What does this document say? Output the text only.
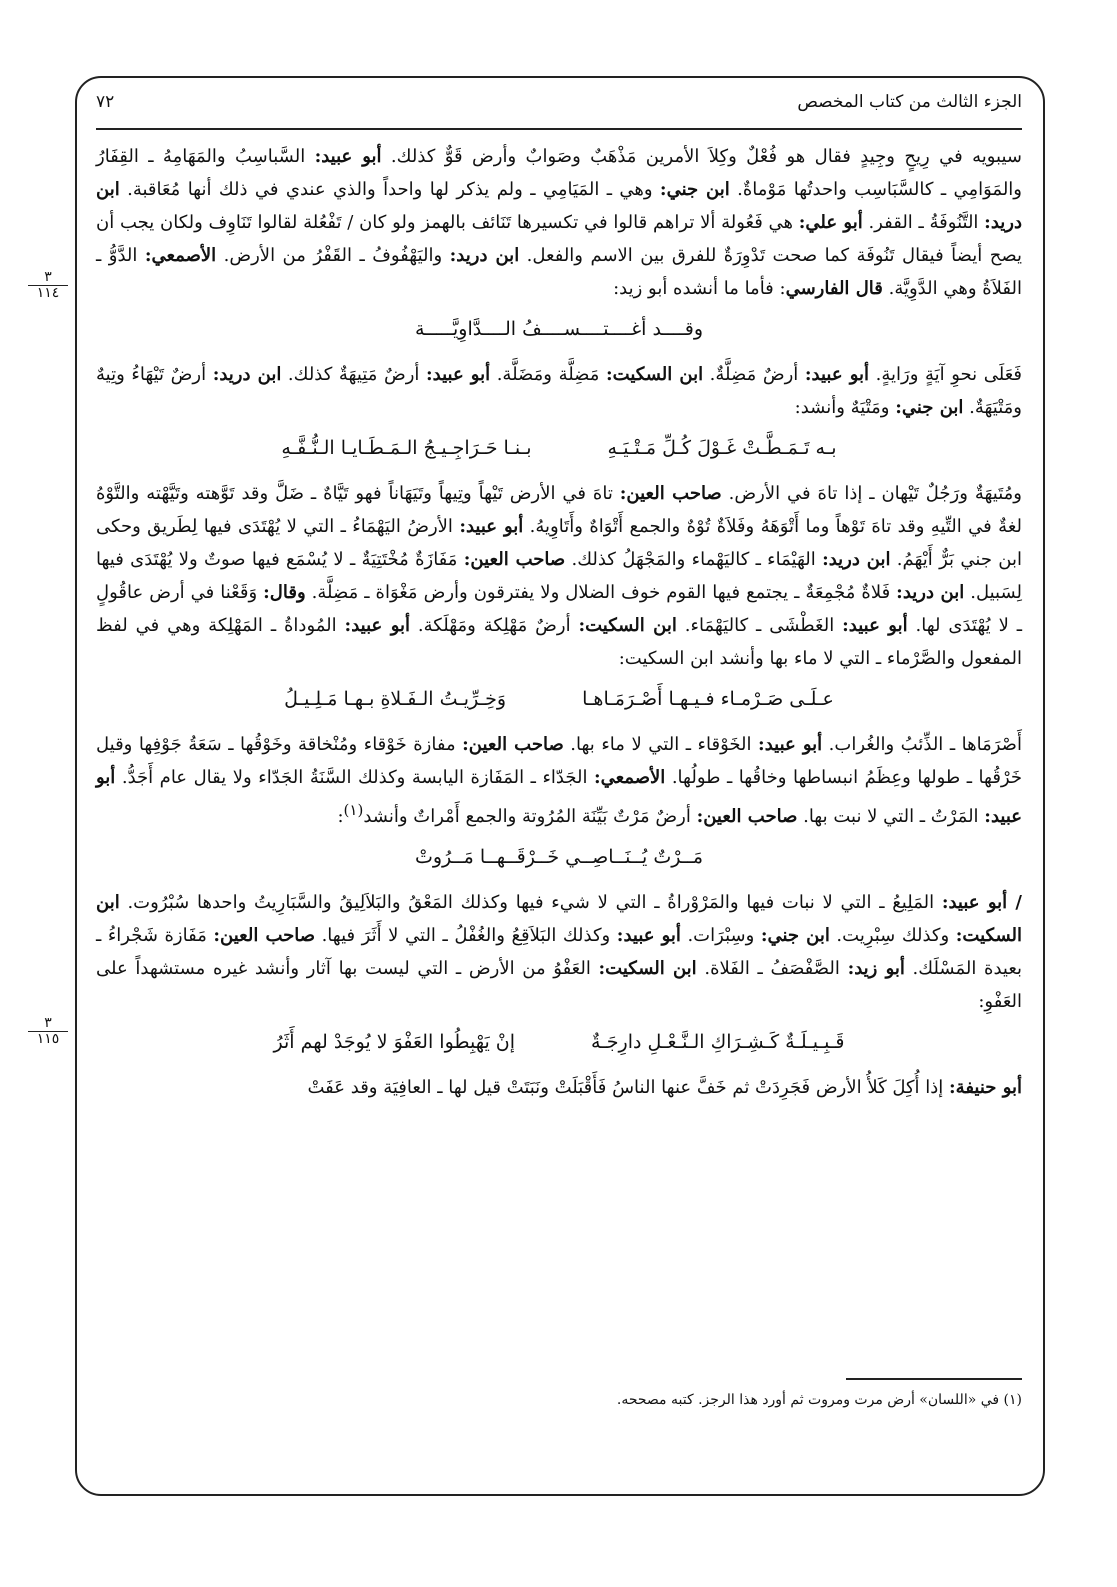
الجزء الثالث من كتاب المخصص
٧٢
٣
١١٤
٣
١١٥

سيبويه في رِيحٍ وجِيدٍ فقال هو فُعْلٌ وكِلاَ الأمرين مَذْهَبٌ وصَوابٌ وأرض قَوٌّ كذلك. أبو عبيد: السَّباسِبُ والمَهَامِهُ ـ القِفَارُ والمَوَامِي ـ كالسَّبَاسِب واحدتُها مَوْماةٌ. ابن جني: وهي ـ المَيَامِي ـ ولم يذكر لها واحداً والذي عندي في ذلك أنها مُعَاقبة. ابن دريد: التَّنُوفَةُ ـ القفر. أبو علي: هي فَعُولة ألا تراهم قالوا في تكسيرها تَنَائف بالهمز ولو كان / تَفْعُلة لقالوا تَنَاوِف ولكان يجب أن يصح أيضاً فيقال تَنُوفَة كما صحت تَدْوِرَةٌ للفرق بين الاسم والفعل. ابن دريد: واليَهْفُوفُ ـ القَفْرُ من الأرض. الأصمعي: الدَّوُّ ـ الفَلاَةُ وهي الدَّوِيَّة. قال الفارسي: فأما ما أنشده أبو زيد:

وقــــد أغــــتــــســــفُ الــــدَّاوِيَّـــــة

فَعَلَى نحوِ آيَةٍ ورَايةٍ. أبو عبيد: أرضٌ مَضِلَّةٌ. ابن السكيت: مَضِلَّة ومَضَلَّة. أبو عبيد: أرضٌ مَتِيهَةٌ كذلك. ابن دريد: أرضٌ تَيْهَاءُ وتِيهٌ ومَتْيَهَةٌ. ابن جني: ومَتْيَهٌ وأنشد:

بـه تَـمَـطَّـتْ غَـوْلَ كُـلِّ مَـتْـيَـهِبـنـا حَـرَاجِـيـجُ الـمَـطَـايـا الـنُّـفَّـهِ

ومُتَيهَةٌ ورَجُلٌ تَيْهان ـ إذا تاهَ في الأرض. صاحب العين: تاهَ في الأرض تَيْهاً وتِيهاً وتَيَهَاناً فهو تَيَّاهٌ ـ ضَلَّ وقد تَوَّهته وتَيَّهْته والتَّوْهُ لغةٌ في التِّيهِ وقد تاهَ تَوْهاً وما أَتْوَهَهُ وفَلاَةٌ تُوْهٌ والجمع أَتْوَاهٌ وأَتَاوِيهُ. أبو عبيد: الأرضُ اليَهْمَاءُ ـ التي لا يُهْتَدَى فيها لِطَريق وحكى ابن جني بَرٌّ أَيْهَمُ. ابن دريد: الهَيْمَاء ـ كاليَهْماء والمَجْهَلُ كذلك. صاحب العين: مَفَازَةٌ مُخْتَتِيَةٌ ـ لا يُسْمَع فيها صوتٌ ولا يُهْتَدَى فيها لِسَبيل. ابن دريد: فَلاةٌ مُجْمِعَةٌ ـ يجتمع فيها القوم خوف الضلال ولا يفترقون وأرض مَغْوَاة ـ مَضِلَّة. وقال: وَقَعْنا في أرض عاقُولٍ ـ لا يُهْتَدَى لها. أبو عبيد: الغَطْشَى ـ كاليَهْمَاء. ابن السكيت: أرضٌ مَهْلِكة ومَهْلَكة. أبو عبيد: المُوداةُ ـ المَهْلِكة وهي في لفظ المفعول والصَّرْماء ـ التي لا ماء بها وأنشد ابن السكيت:

عـلَـى صَـرْمـاء فـيـهـا أَصْـرَمَـاهـاوَخِـرِّيـتُ الـفَـلاةِ بـهـا مَـلِـيـلُ

أَصْرَمَاها ـ الذِّئبُ والغُراب. أبو عبيد: الخَوْقاء ـ التي لا ماء بها. صاحب العين: مفازة خَوْقاء ومُنْخاقة وخَوْقُها ـ سَعَةُ جَوْفِها وقيل خَرْقُها ـ طولها وعِظَمُ انبساطها وخاقُها ـ طولُها. الأصمعي: الجَدّاء ـ المَفَازة اليابسة وكذلك السَّنَةُ الجَدّاء ولا يقال عام أَجَدُّ. أبو عبيد: المَرْتُ ـ التي لا نبت بها. صاحب العين: أرضٌ مَرْتٌ بَيِّنَة المُرُوتة والجمع أَمْراتٌ وأنشد$^{(١)}$:

مَــرْتٌ يُــنَــاصِــي خَــرْقَــهــا مَــرُوتْ

/ أبو عبيد: المَلِيعُ ـ التي لا نبات فيها والمَرْوْراةُ ـ التي لا شيء فيها وكذلك المَعْقُ والبَلاَلِيقُ والسَّبَارِيتُ واحدها سُبْرُوت. ابن السكيت: وكذلك سِبْرِيت. ابن جني: وسِبْرَات. أبو عبيد: وكذلك البَلاَقِعُ والغُفْلُ ـ التي لا أَثَرَ فيها. صاحب العين: مَفَازة شَجْراءُ ـ بعيدة المَسْلَك. أبو زيد: الصَّفْصَفُ ـ الفَلاة. ابن السكيت: العَفْوُ من الأرض ـ التي ليست بها آثار وأنشد غيره مستشهداً على العَفْوِ:

قَـبِـيـلَـةٌ كَـشِـرَاكِ الـنَّـعْـلِ دارِجَـةٌإنْ يَهْبِطُوا العَفْوَ لا يُوجَدْ لهم أَثَرُ

أبو حنيفة: إذا أُكِلَ كَلأُ الأرض فَجَرِدَتْ ثم خَفَّ عنها الناسُ فَأَقْبَلَتْ ونَبَتَتْ قيل لها ـ العافِيَة وقد عَفَتْ

(١) في «اللسان» أرض مرت ومروت ثم أورد هذا الرجز. كتبه مصححه.
